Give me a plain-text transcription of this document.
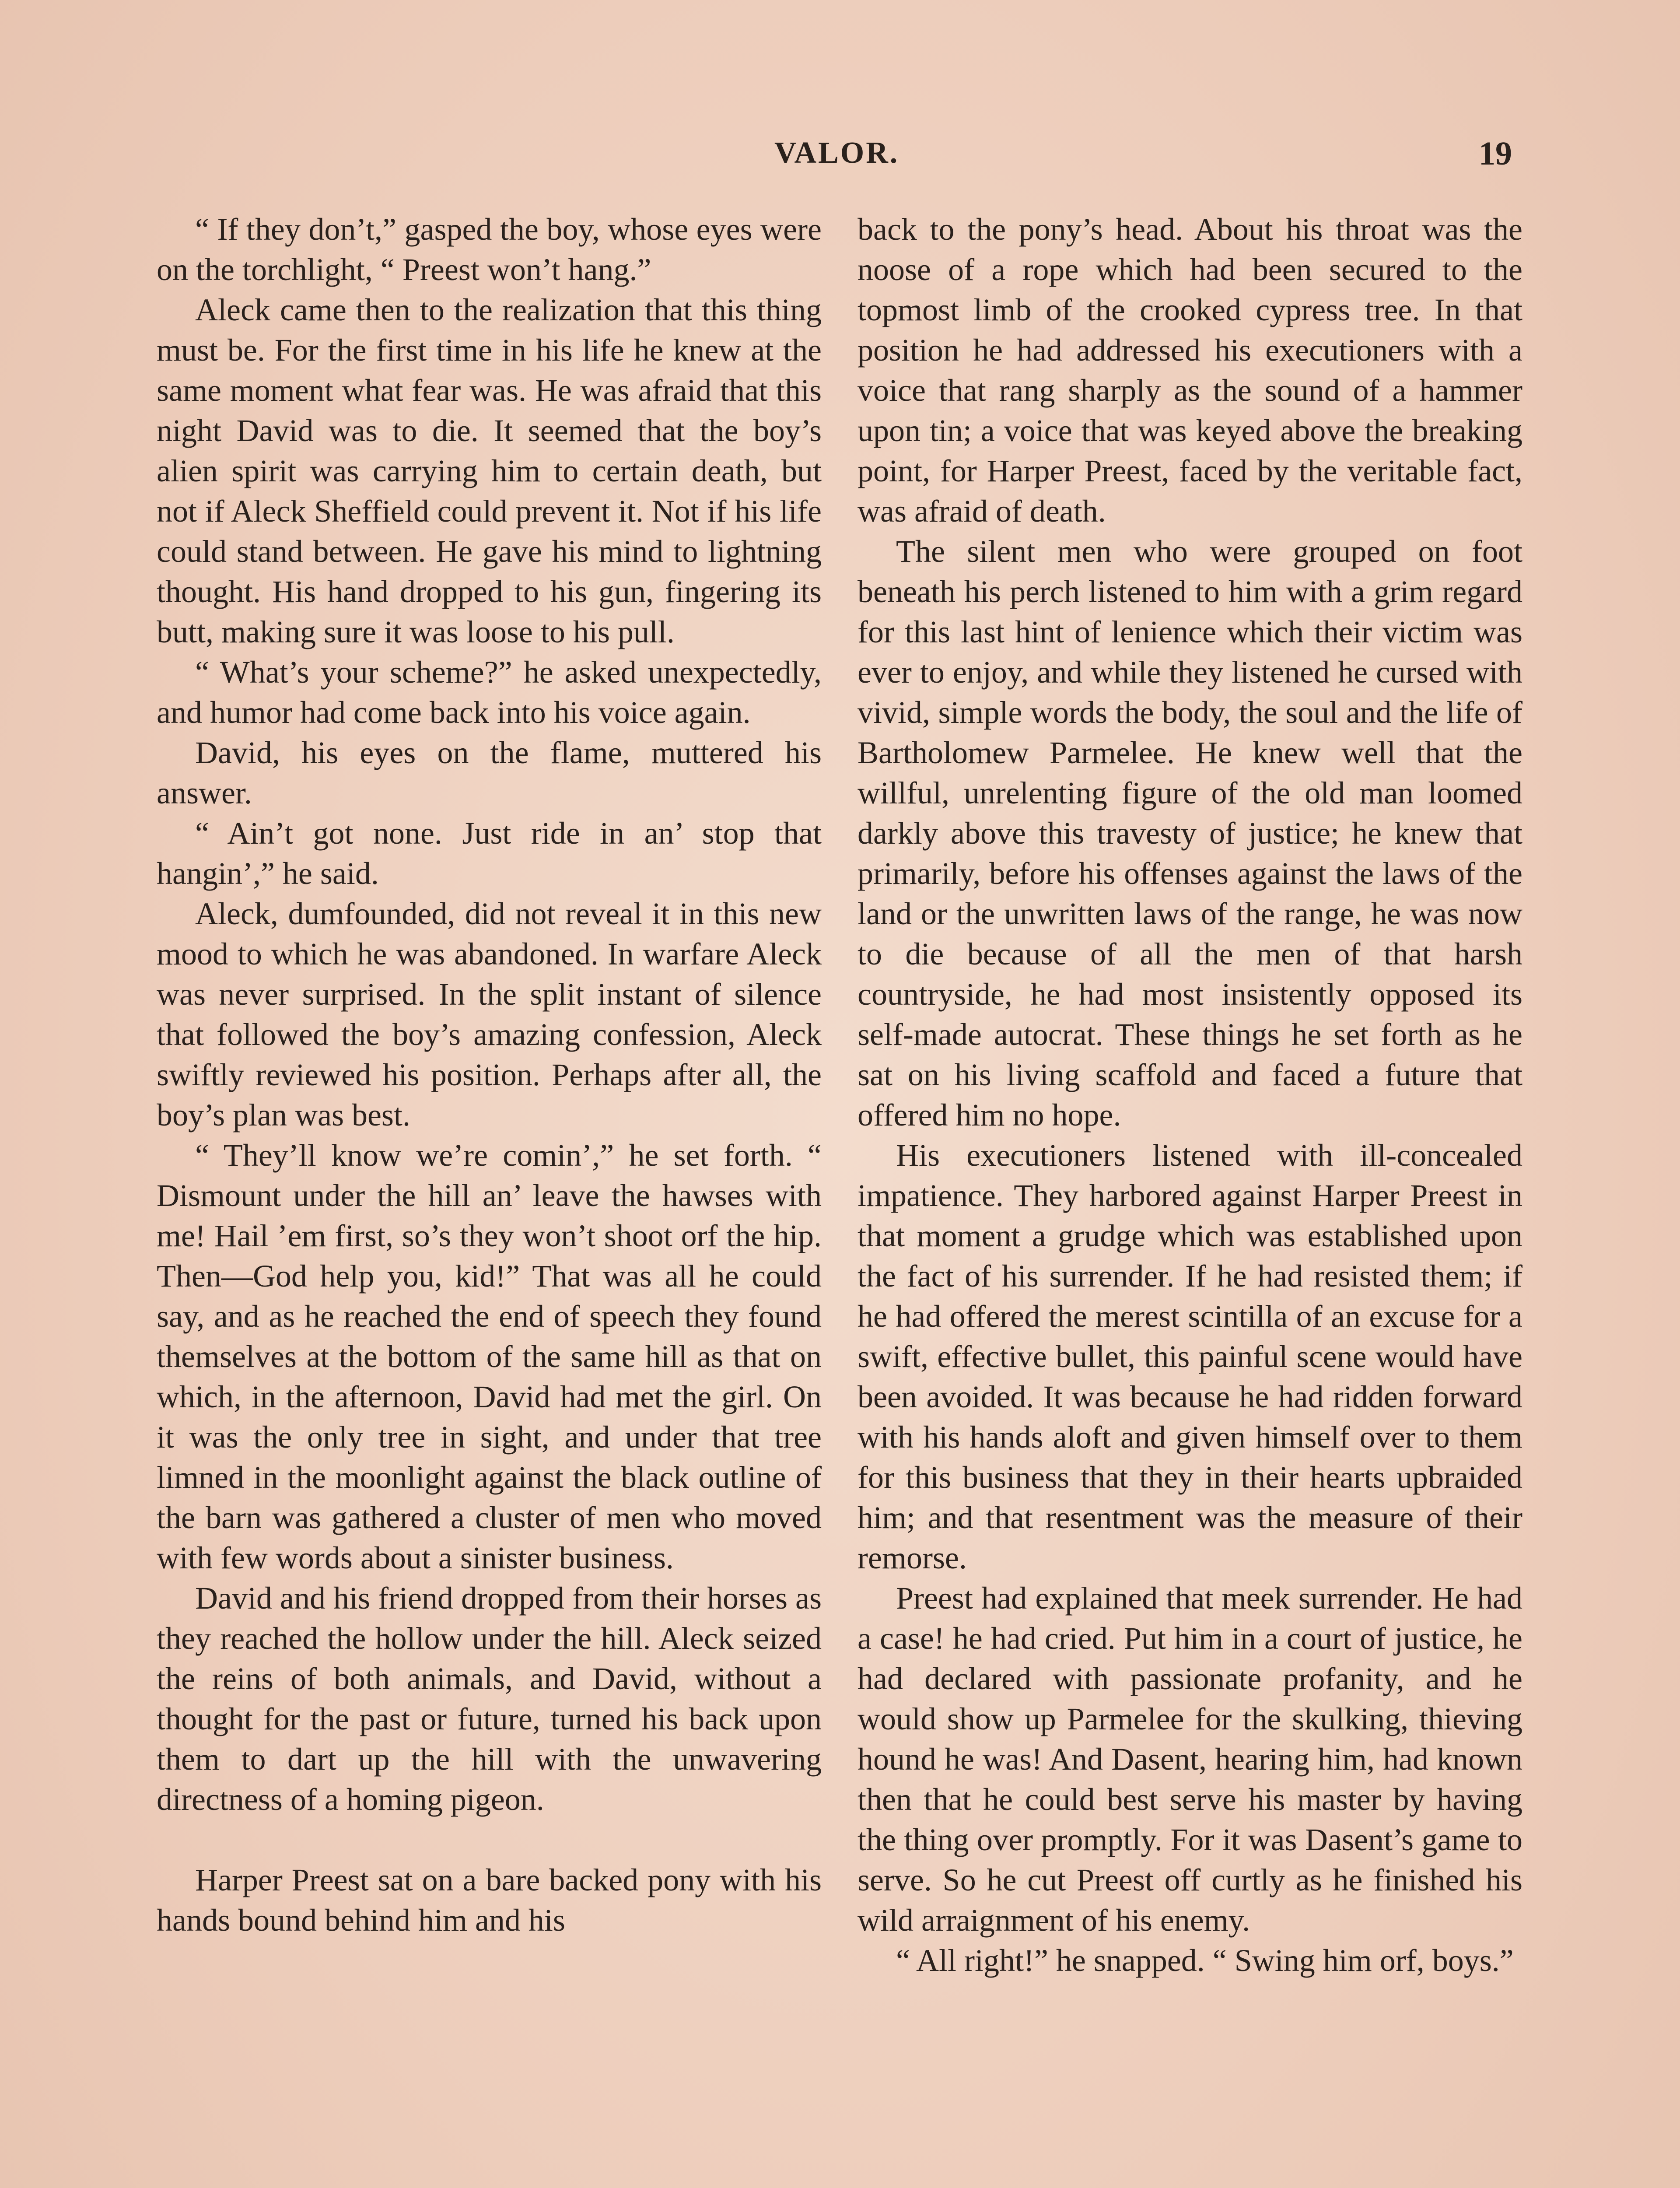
VALOR.	19

“ If they don’t,” gasped the boy, whose eyes were on the torchlight, “ Preest won’t hang.”

Aleck came then to the realization that this thing must be. For the first time in his life he knew at the same moment what fear was. He was afraid that this night David was to die. It seemed that the boy’s alien spirit was carrying him to certain death, but not if Aleck Sheffield could prevent it. Not if his life could stand between. He gave his mind to lightning thought. His hand dropped to his gun, fingering its butt, making sure it was loose to his pull.

“ What’s your scheme?” he asked unexpectedly, and humor had come back into his voice again.

David, his eyes on the flame, muttered his answer.

“ Ain’t got none. Just ride in an’ stop that hangin’,” he said.

Aleck, dumfounded, did not reveal it in this new mood to which he was abandoned. In warfare Aleck was never surprised. In the split instant of silence that followed the boy’s amazing confession, Aleck swiftly reviewed his position. Perhaps after all, the boy’s plan was best.

“ They’ll know we’re comin’,” he set forth. “ Dismount under the hill an’ leave the hawses with me! Hail ’em first, so’s they won’t shoot orf the hip. Then—God help you, kid!” That was all he could say, and as he reached the end of speech they found themselves at the bottom of the same hill as that on which, in the afternoon, David had met the girl. On it was the only tree in sight, and under that tree limned in the moonlight against the black outline of the barn was gathered a cluster of men who moved with few words about a sinister business.

David and his friend dropped from their horses as they reached the hollow under the hill. Aleck seized the reins of both animals, and David, without a thought for the past or future, turned his back upon them to dart up the hill with the unwavering directness of a homing pigeon.

Harper Preest sat on a bare backed pony with his hands bound behind him and his

back to the pony’s head. About his throat was the noose of a rope which had been secured to the topmost limb of the crooked cypress tree. In that position he had addressed his executioners with a voice that rang sharply as the sound of a hammer upon tin; a voice that was keyed above the breaking point, for Harper Preest, faced by the veritable fact, was afraid of death.

The silent men who were grouped on foot beneath his perch listened to him with a grim regard for this last hint of lenience which their victim was ever to enjoy, and while they listened he cursed with vivid, simple words the body, the soul and the life of Bartholomew Parmelee. He knew well that the willful, unrelenting figure of the old man loomed darkly above this travesty of justice; he knew that primarily, before his offenses against the laws of the land or the unwritten laws of the range, he was now to die because of all the men of that harsh countryside, he had most insistently opposed its self-made autocrat. These things he set forth as he sat on his living scaffold and faced a future that offered him no hope.

His executioners listened with ill-concealed impatience. They harbored against Harper Preest in that moment a grudge which was established upon the fact of his surrender. If he had resisted them; if he had offered the merest scintilla of an excuse for a swift, effective bullet, this painful scene would have been avoided. It was because he had ridden forward with his hands aloft and given himself over to them for this business that they in their hearts upbraided him; and that resentment was the measure of their remorse.

Preest had explained that meek surrender. He had a case! he had cried. Put him in a court of justice, he had declared with passionate profanity, and he would show up Parmelee for the skulking, thieving hound he was! And Dasent, hearing him, had known then that he could best serve his master by having the thing over promptly. For it was Dasent’s game to serve. So he cut Preest off curtly as he finished his wild arraignment of his enemy.

“ All right!” he snapped. “ Swing him orf, boys.”
